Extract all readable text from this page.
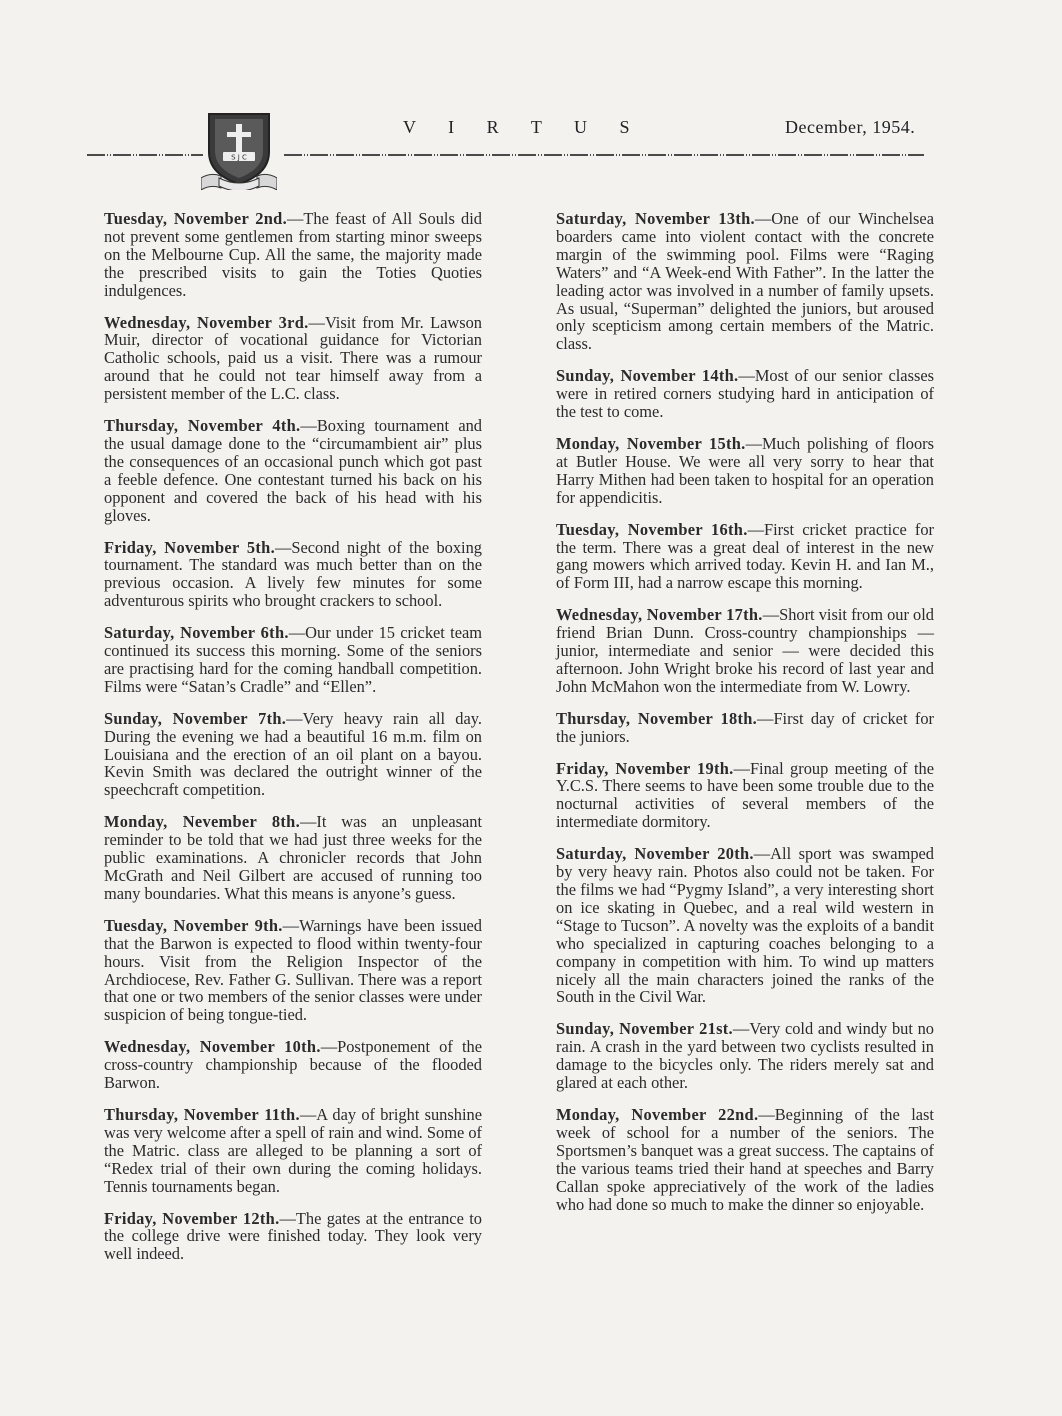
S J C
V I R T U S	December, 1954.

Tuesday, November 2nd.—The feast of All Souls did not prevent some gentlemen from starting minor sweeps on the Melbourne Cup. All the same, the majority made the prescribed visits to gain the Toties Quoties indulgences.

Wednesday, November 3rd.—Visit from Mr. Lawson Muir, director of vocational guidance for Victorian Catholic schools, paid us a visit. There was a rumour around that he could not tear himself away from a persistent member of the L.C. class.

Thursday, November 4th.—Boxing tournament and the usual damage done to the “circumambient air” plus the consequences of an occasional punch which got past a feeble defence. One contestant turned his back on his opponent and covered the back of his head with his gloves.

Friday, November 5th.—Second night of the boxing tournament. The standard was much better than on the previous occasion. A lively few minutes for some adventurous spirits who brought crackers to school.

Saturday, November 6th.—Our under 15 cricket team continued its success this morning. Some of the seniors are practising hard for the coming handball competition. Films were “Satan’s Cradle” and “Ellen”.

Sunday, November 7th.—Very heavy rain all day. During the evening we had a beautiful 16 m.m. film on Louisiana and the erection of an oil plant on a bayou. Kevin Smith was declared the outright winner of the speechcraft competition.

Monday, Nevember 8th.—It was an unpleasant reminder to be told that we had just three weeks for the public examinations. A chronicler records that John McGrath and Neil Gilbert are accused of running too many boundaries. What this means is anyone’s guess.

Tuesday, November 9th.—Warnings have been issued that the Barwon is expected to flood within twenty-four hours. Visit from the Religion Inspector of the Archdiocese, Rev. Father G. Sullivan. There was a report that one or two members of the senior classes were under suspicion of being tongue-tied.

Wednesday, November 10th.—Postponement of the cross-country championship because of the flooded Barwon.

Thursday, November 11th.—A day of bright sunshine was very welcome after a spell of rain and wind. Some of the Matric. class are alleged to be planning a sort of “Redex trial of their own during the coming holidays. Tennis tournaments began.

Friday, November 12th.—The gates at the entrance to the college drive were finished today. They look very well indeed.

Saturday, November 13th.—One of our Winchelsea boarders came into violent contact with the concrete margin of the swimming pool. Films were “Raging Waters” and “A Week-end With Father”. In the latter the leading actor was involved in a number of family upsets. As usual, “Superman” delighted the juniors, but aroused only scepticism among certain members of the Matric. class.

Sunday, November 14th.—Most of our senior classes were in retired corners studying hard in anticipation of the test to come.

Monday, November 15th.—Much polishing of floors at Butler House. We were all very sorry to hear that Harry Mithen had been taken to hospital for an operation for appendicitis.

Tuesday, November 16th.—First cricket practice for the term. There was a great deal of interest in the new gang mowers which arrived today. Kevin H. and Ian M., of Form III, had a narrow escape this morning.

Wednesday, November 17th.—Short visit from our old friend Brian Dunn. Cross-country championships — junior, intermediate and senior — were decided this afternoon. John Wright broke his record of last year and John McMahon won the intermediate from W. Lowry.

Thursday, November 18th.—First day of cricket for the juniors.

Friday, November 19th.—Final group meeting of the Y.C.S. There seems to have been some trouble due to the nocturnal activities of several members of the intermediate dormitory.

Saturday, November 20th.—All sport was swamped by very heavy rain. Photos also could not be taken. For the films we had “Pygmy Island”, a very interesting short on ice skating in Quebec, and a real wild western in “Stage to Tucson”. A novelty was the exploits of a bandit who specialized in capturing coaches belonging to a company in competition with him. To wind up matters nicely all the main characters joined the ranks of the South in the Civil War.

Sunday, November 21st.—Very cold and windy but no rain. A crash in the yard between two cyclists resulted in damage to the bicycles only. The riders merely sat and glared at each other.

Monday, November 22nd.—Beginning of the last week of school for a number of the seniors. The Sportsmen’s banquet was a great success. The captains of the various teams tried their hand at speeches and Barry Callan spoke appreciatively of the work of the ladies who had done so much to make the dinner so enjoyable.
